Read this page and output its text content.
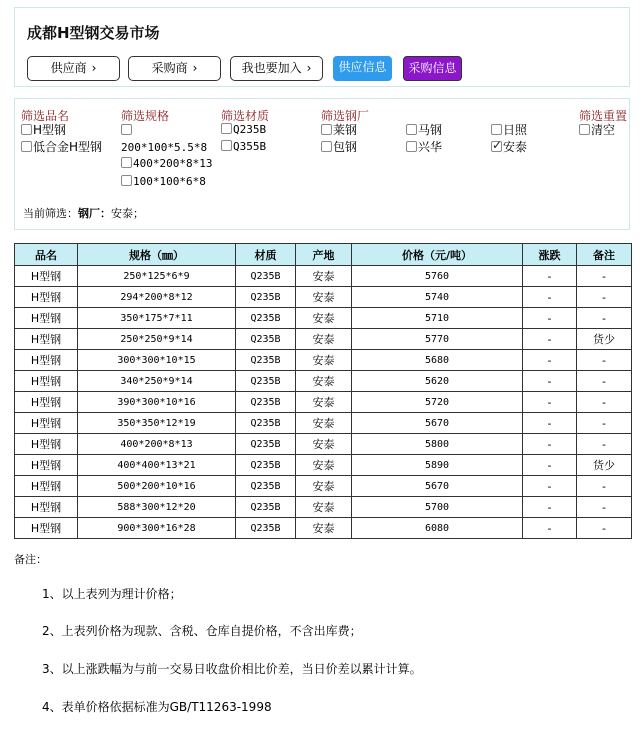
成都H型钢交易市场
供应商 ›	采购商 ›	我也要加入 ›	供应信息	采购信息
筛选品名	筛选规格	筛选材质	筛选钢厂	筛选重置
H型钢
低合金H型钢 200*100*5.5*8
400*200*8*13
100*100*6*8
Q235B
Q355B
莱钢	马钢	日照
包钢	兴华 ✓	安泰
清空
当前筛选：钢厂：安泰；
品名	规格（㎜）	材质	产地	价格（元/吨）	涨跌	备注
H型钢	250*125*6*9	Q235B	安泰	5760	-	-
H型钢	294*200*8*12	Q235B	安泰	5740	-	-
H型钢	350*175*7*11	Q235B	安泰	5710	-	-
H型钢	250*250*9*14	Q235B	安泰	5770	-	货少
H型钢	300*300*10*15	Q235B	安泰	5680	-	-
H型钢	340*250*9*14	Q235B	安泰	5620	-	-
H型钢	390*300*10*16	Q235B	安泰	5720	-	-
H型钢	350*350*12*19	Q235B	安泰	5670	-	-
H型钢	400*200*8*13	Q235B	安泰	5800	-	-
H型钢	400*400*13*21	Q235B	安泰	5890	-	货少
H型钢	500*200*10*16	Q235B	安泰	5670	-	-
H型钢	588*300*12*20	Q235B	安泰	5700	-	-
H型钢	900*300*16*28	Q235B	安泰	6080	-	-
备注：
1、以上表列为理计价格；
2、上表列价格为现款、含税、仓库自提价格，不含出库费；
3、以上涨跌幅为与前一交易日收盘价相比价差，当日价差以累计计算。
4、表单价格依据标准为GB/T11263-1998
